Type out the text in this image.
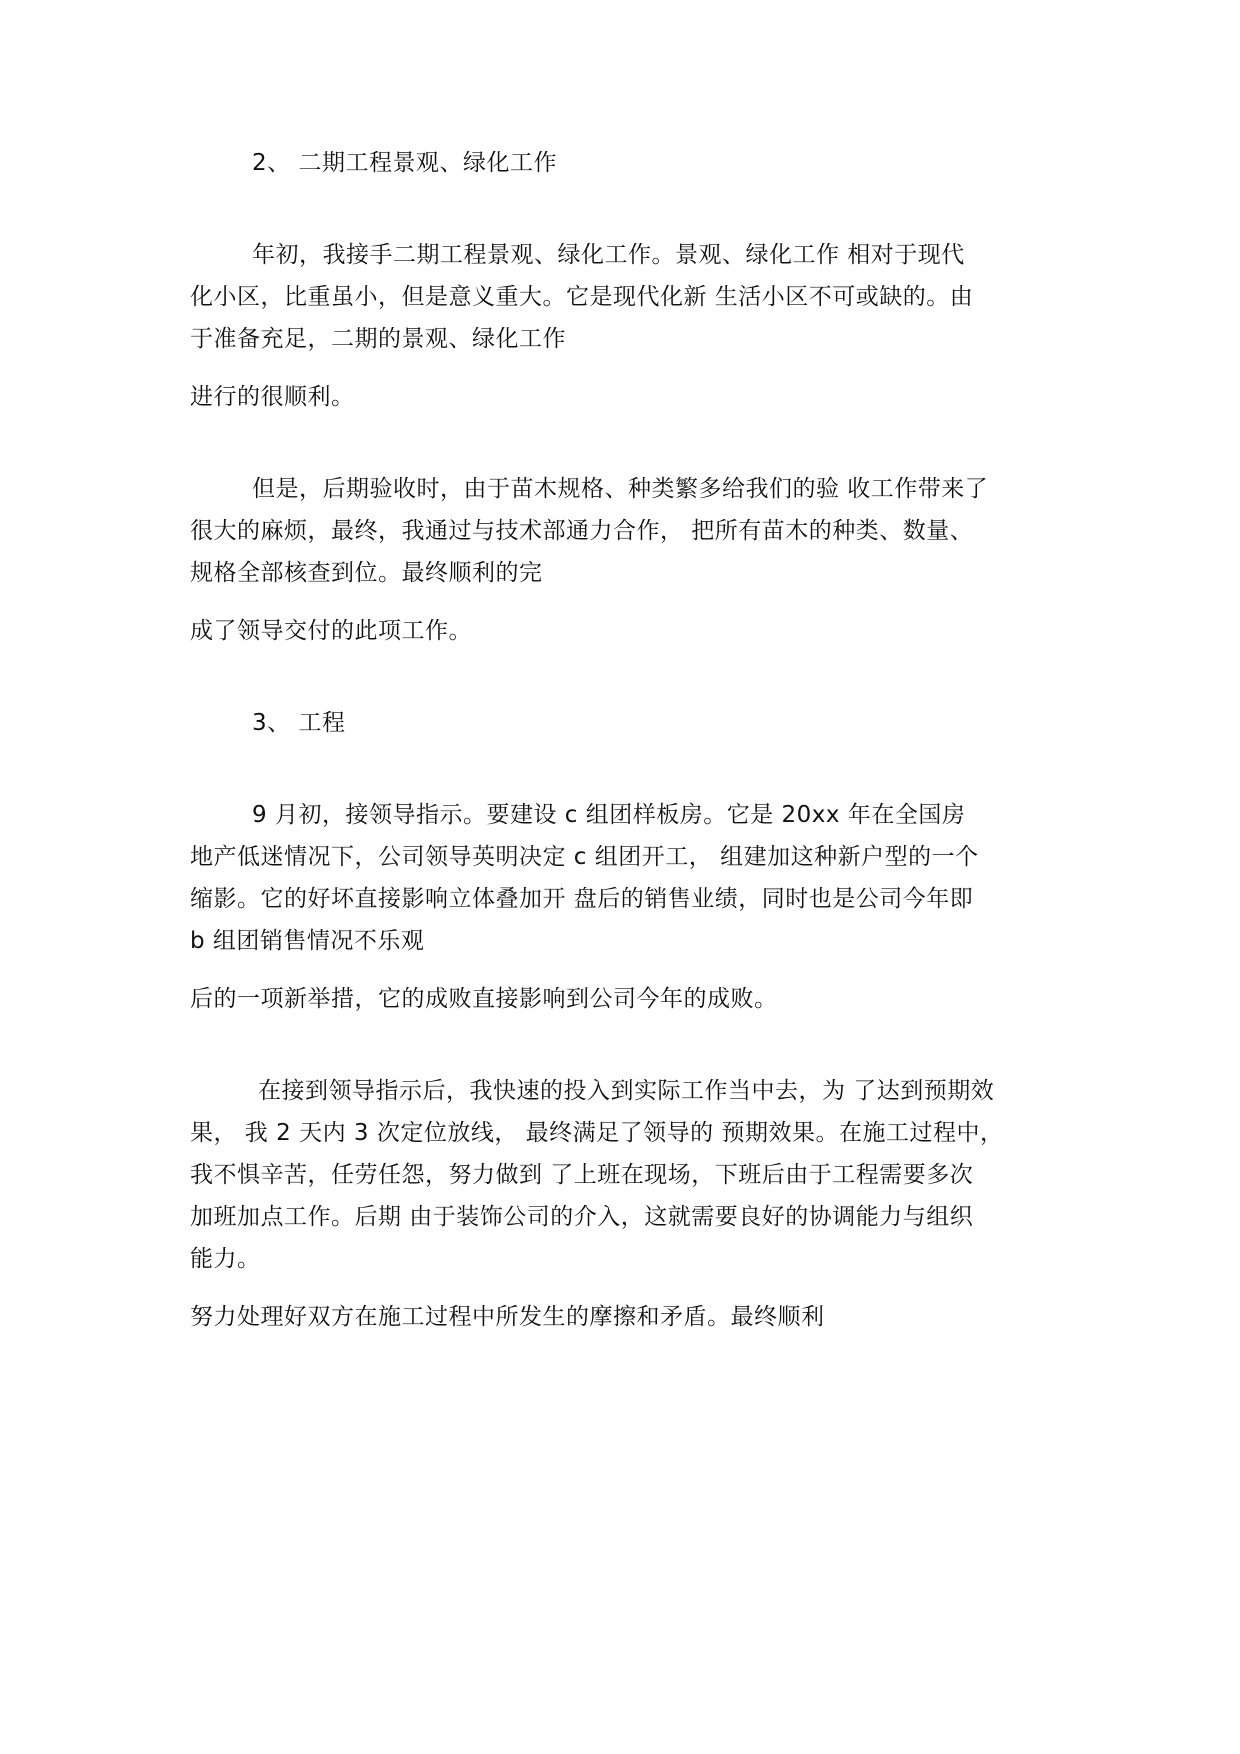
2、 二期工程景观、绿化工作
年初，我接手二期工程景观、绿化工作。景观、绿化工作 相对于现代
化小区，比重虽小，但是意义重大。它是现代化新 生活小区不可或缺的。由
于准备充足，二期的景观、绿化工作
进行的很顺利。
但是，后期验收时，由于苗木规格、种类繁多给我们的验 收工作带来了
很大的麻烦，最终，我通过与技术部通力合作， 把所有苗木的种类、数量、
规格全部核查到位。最终顺利的完
成了领导交付的此项工作。
3、 工程
9 月初，接领导指示。要建设 c 组团样板房。它是 20xx 年在全国房
地产低迷情况下，公司领导英明决定 c 组团开工， 组建加这种新户型的一个
缩影。它的好坏直接影响立体叠加开 盘后的销售业绩，同时也是公司今年即
b 组团销售情况不乐观
后的一项新举措，它的成败直接影响到公司今年的成败。
在接到领导指示后，我快速的投入到实际工作当中去，为 了达到预期效
果， 我 2 天内 3 次定位放线， 最终满足了领导的 预期效果。在施工过程中，
我不惧辛苦，任劳任怨，努力做到 了上班在现场，下班后由于工程需要多次
加班加点工作。后期 由于装饰公司的介入，这就需要良好的协调能力与组织
能力。
努力处理好双方在施工过程中所发生的摩擦和矛盾。最终顺利
